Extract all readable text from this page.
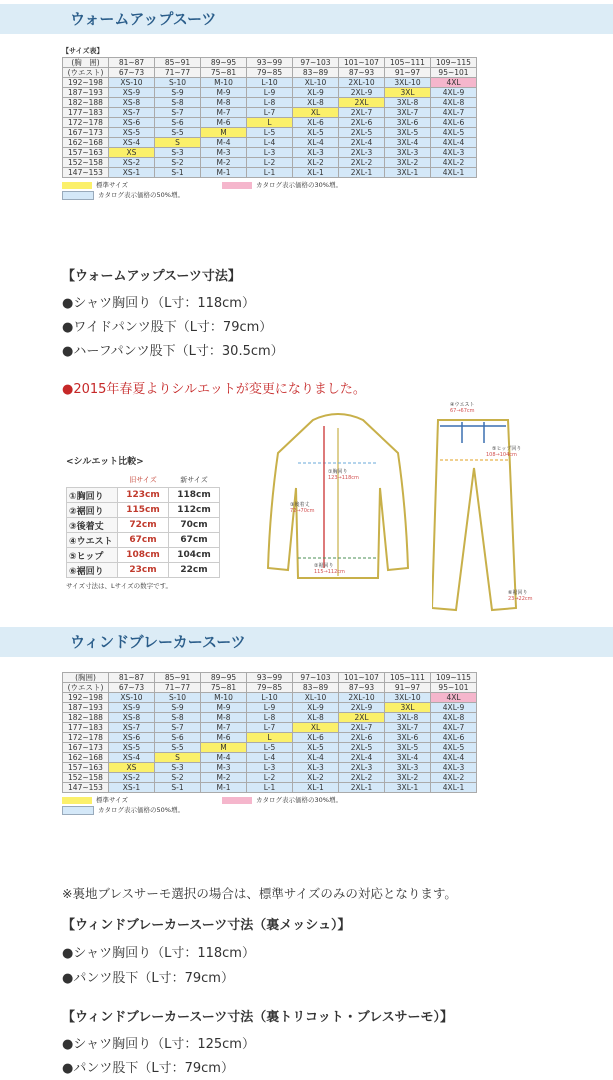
ウォームアップスーツ
【サイズ表】
(胸　囲)	81~87	85~91	89~95	93~99	97~103	101~107	105~111	109~115
(ウエスト)	67~73	71~77	75~81	79~85	83~89	87~93	91~97	95~101
192~198	XS-10	S-10	M-10	L-10	XL-10	2XL-10	3XL-10	4XL
187~193	XS-9	S-9	M-9	L-9	XL-9	2XL-9	3XL	4XL-9
182~188	XS-8	S-8	M-8	L-8	XL-8	2XL	3XL-8	4XL-8
177~183	XS-7	S-7	M-7	L-7	XL	2XL-7	3XL-7	4XL-7
172~178	XS-6	S-6	M-6	L	XL-6	2XL-6	3XL-6	4XL-6
167~173	XS-5	S-5	M	L-5	XL-5	2XL-5	3XL-5	4XL-5
162~168	XS-4	S	M-4	L-4	XL-4	2XL-4	3XL-4	4XL-4
157~163	XS	S-3	M-3	L-3	XL-3	2XL-3	3XL-3	4XL-3
152~158	XS-2	S-2	M-2	L-2	XL-2	2XL-2	3XL-2	4XL-2
147~153	XS-1	S-1	M-1	L-1	XL-1	2XL-1	3XL-1	4XL-1
標準サイズ	カタログ表示価格の30%増。
カタログ表示価格の50%増。

【ウォームアップスーツ寸法】

●シャツ胸回り（L寸：118cm）

●ワイドパンツ股下（L寸：79cm）

●ハーフパンツ股下（L寸：30.5cm）

●2015年春夏よりシルエットが変更になりました。
<シルエット比較>
	旧サイズ	新サイズ
①胸回り	123cm	118cm
②裾回り	115cm	112cm
③後着丈	72cm	70cm
④ウエスト	67cm	67cm
⑤ヒップ	108cm	104cm
⑥裾回り	23cm	22cm
サイズ寸法は、Lサイズの数字です。
①胸回り
123→118cm
③後着丈
72→70cm
②裾回り
115→112cm
④ウエスト
67→67cm
⑤ヒップ回り
108→104cm
⑥裾回り
23→22cm
ウィンドブレーカースーツ
(胸囲)	81~87	85~91	89~95	93~99	97~103	101~107	105~111	109~115
(ウエスト)	67~73	71~77	75~81	79~85	83~89	87~93	91~97	95~101
192~198	XS-10	S-10	M-10	L-10	XL-10	2XL-10	3XL-10	4XL
187~193	XS-9	S-9	M-9	L-9	XL-9	2XL-9	3XL	4XL-9
182~188	XS-8	S-8	M-8	L-8	XL-8	2XL	3XL-8	4XL-8
177~183	XS-7	S-7	M-7	L-7	XL	2XL-7	3XL-7	4XL-7
172~178	XS-6	S-6	M-6	L	XL-6	2XL-6	3XL-6	4XL-6
167~173	XS-5	S-5	M	L-5	XL-5	2XL-5	3XL-5	4XL-5
162~168	XS-4	S	M-4	L-4	XL-4	2XL-4	3XL-4	4XL-4
157~163	XS	S-3	M-3	L-3	XL-3	2XL-3	3XL-3	4XL-3
152~158	XS-2	S-2	M-2	L-2	XL-2	2XL-2	3XL-2	4XL-2
147~153	XS-1	S-1	M-1	L-1	XL-1	2XL-1	3XL-1	4XL-1
標準サイズ	カタログ表示価格の30%増。
カタログ表示価格の50%増。
※裏地ブレスサーモ選択の場合は、標準サイズのみの対応となります。

【ウィンドブレーカースーツ寸法（裏メッシュ）】

●シャツ胸回り（L寸：118cm）

●パンツ股下（L寸：79cm）

【ウィンドブレーカースーツ寸法（裏トリコット・ブレスサーモ）】

●シャツ胸回り（L寸：125cm）

●パンツ股下（L寸：79cm）
